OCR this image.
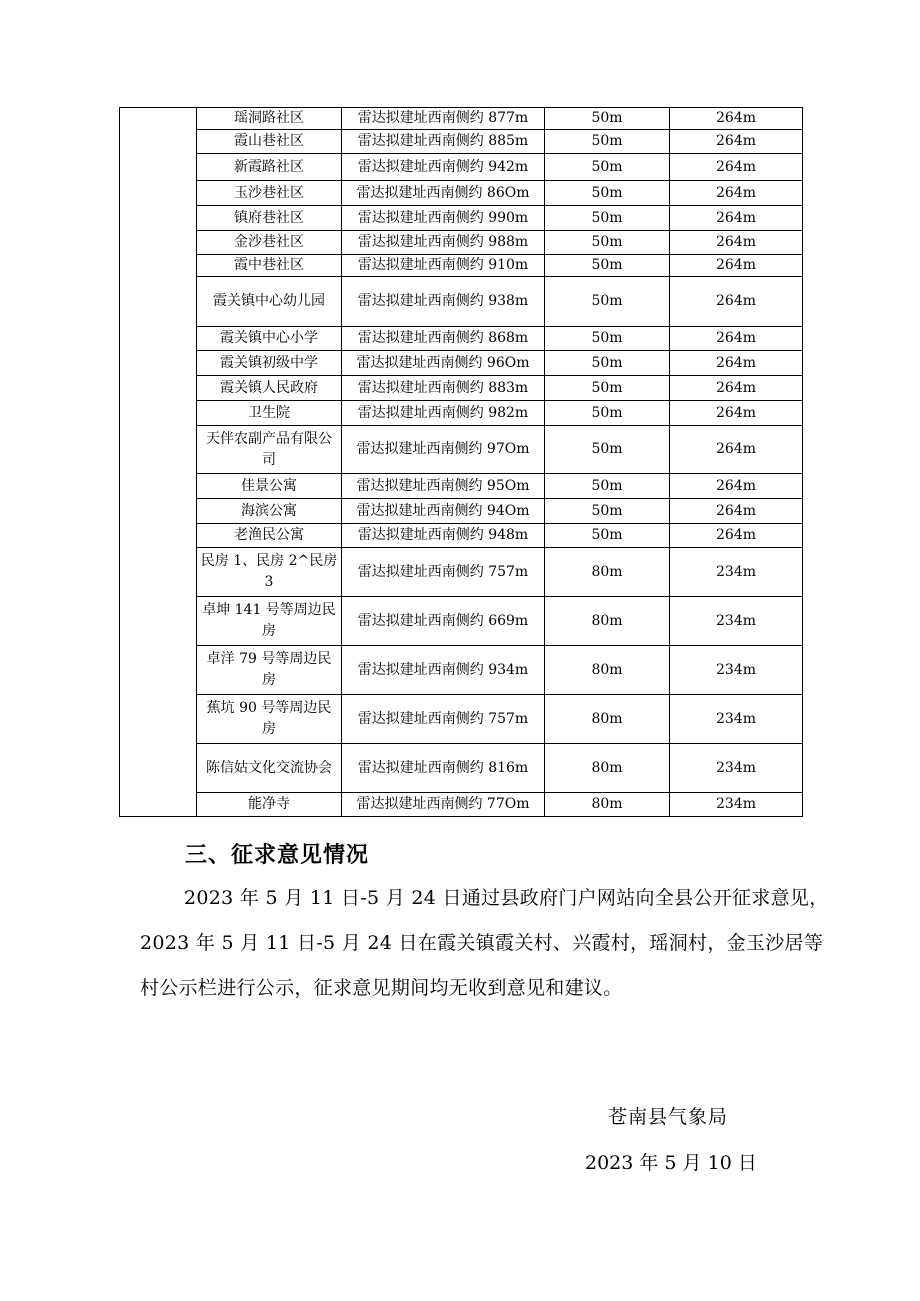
	瑶洞路社区	雷达拟建址西南侧约 877m	50m	264m

	霞山巷社区	雷达拟建址西南侧约 885m	50m	264m

	新霞路社区	雷达拟建址西南侧约 942m	50m	264m

	玉沙巷社区	雷达拟建址西南侧约 86Om	50m	264m

	镇府巷社区	雷达拟建址西南侧约 990m	50m	264m

	金沙巷社区	雷达拟建址西南侧约 988m	50m	264m

	霞中巷社区	雷达拟建址西南侧约 910m	50m	264m

	霞关镇中心幼儿园	雷达拟建址西南侧约 938m	50m	264m

	霞关镇中心小学	雷达拟建址西南侧约 868m	50m	264m

	霞关镇初级中学	雷达拟建址西南侧约 96Om	50m	264m

	霞关镇人民政府	雷达拟建址西南侧约 883m	50m	264m

	卫生院	雷达拟建址西南侧约 982m	50m	264m

	天伴农副产品有限公
司	雷达拟建址西南侧约 97Om	50m	264m

	佳景公寓	雷达拟建址西南侧约 95Om	50m	264m

	海滨公寓	雷达拟建址西南侧约 94Om	50m	264m

	老渔民公寓	雷达拟建址西南侧约 948m	50m	264m

	民房 1、民房 2^民房
3	雷达拟建址西南侧约 757m	80m	234m

	卓坤 141 号等周边民
房	雷达拟建址西南侧约 669m	80m	234m

	卓洋 79 号等周边民
房	雷达拟建址西南侧约 934m	80m	234m

	蕉坑 90 号等周边民
房	雷达拟建址西南侧约 757m	80m	234m

	陈信姑文化交流协会	雷达拟建址西南侧约 816m	80m	234m

	能净寺	雷达拟建址西南侧约 77Om	80m	234m
三、征求意见情况

2023 年 5 月 11 日-5 月 24 日通过县政府门户网站向全县公开征求意见，2023 年 5 月 11 日-5 月 24 日在霞关镇霞关村、兴霞村，瑶洞村，金玉沙居等村公示栏进行公示，征求意见期间均无收到意见和建议。

苍南县气象局
2023 年 5 月 10 日
